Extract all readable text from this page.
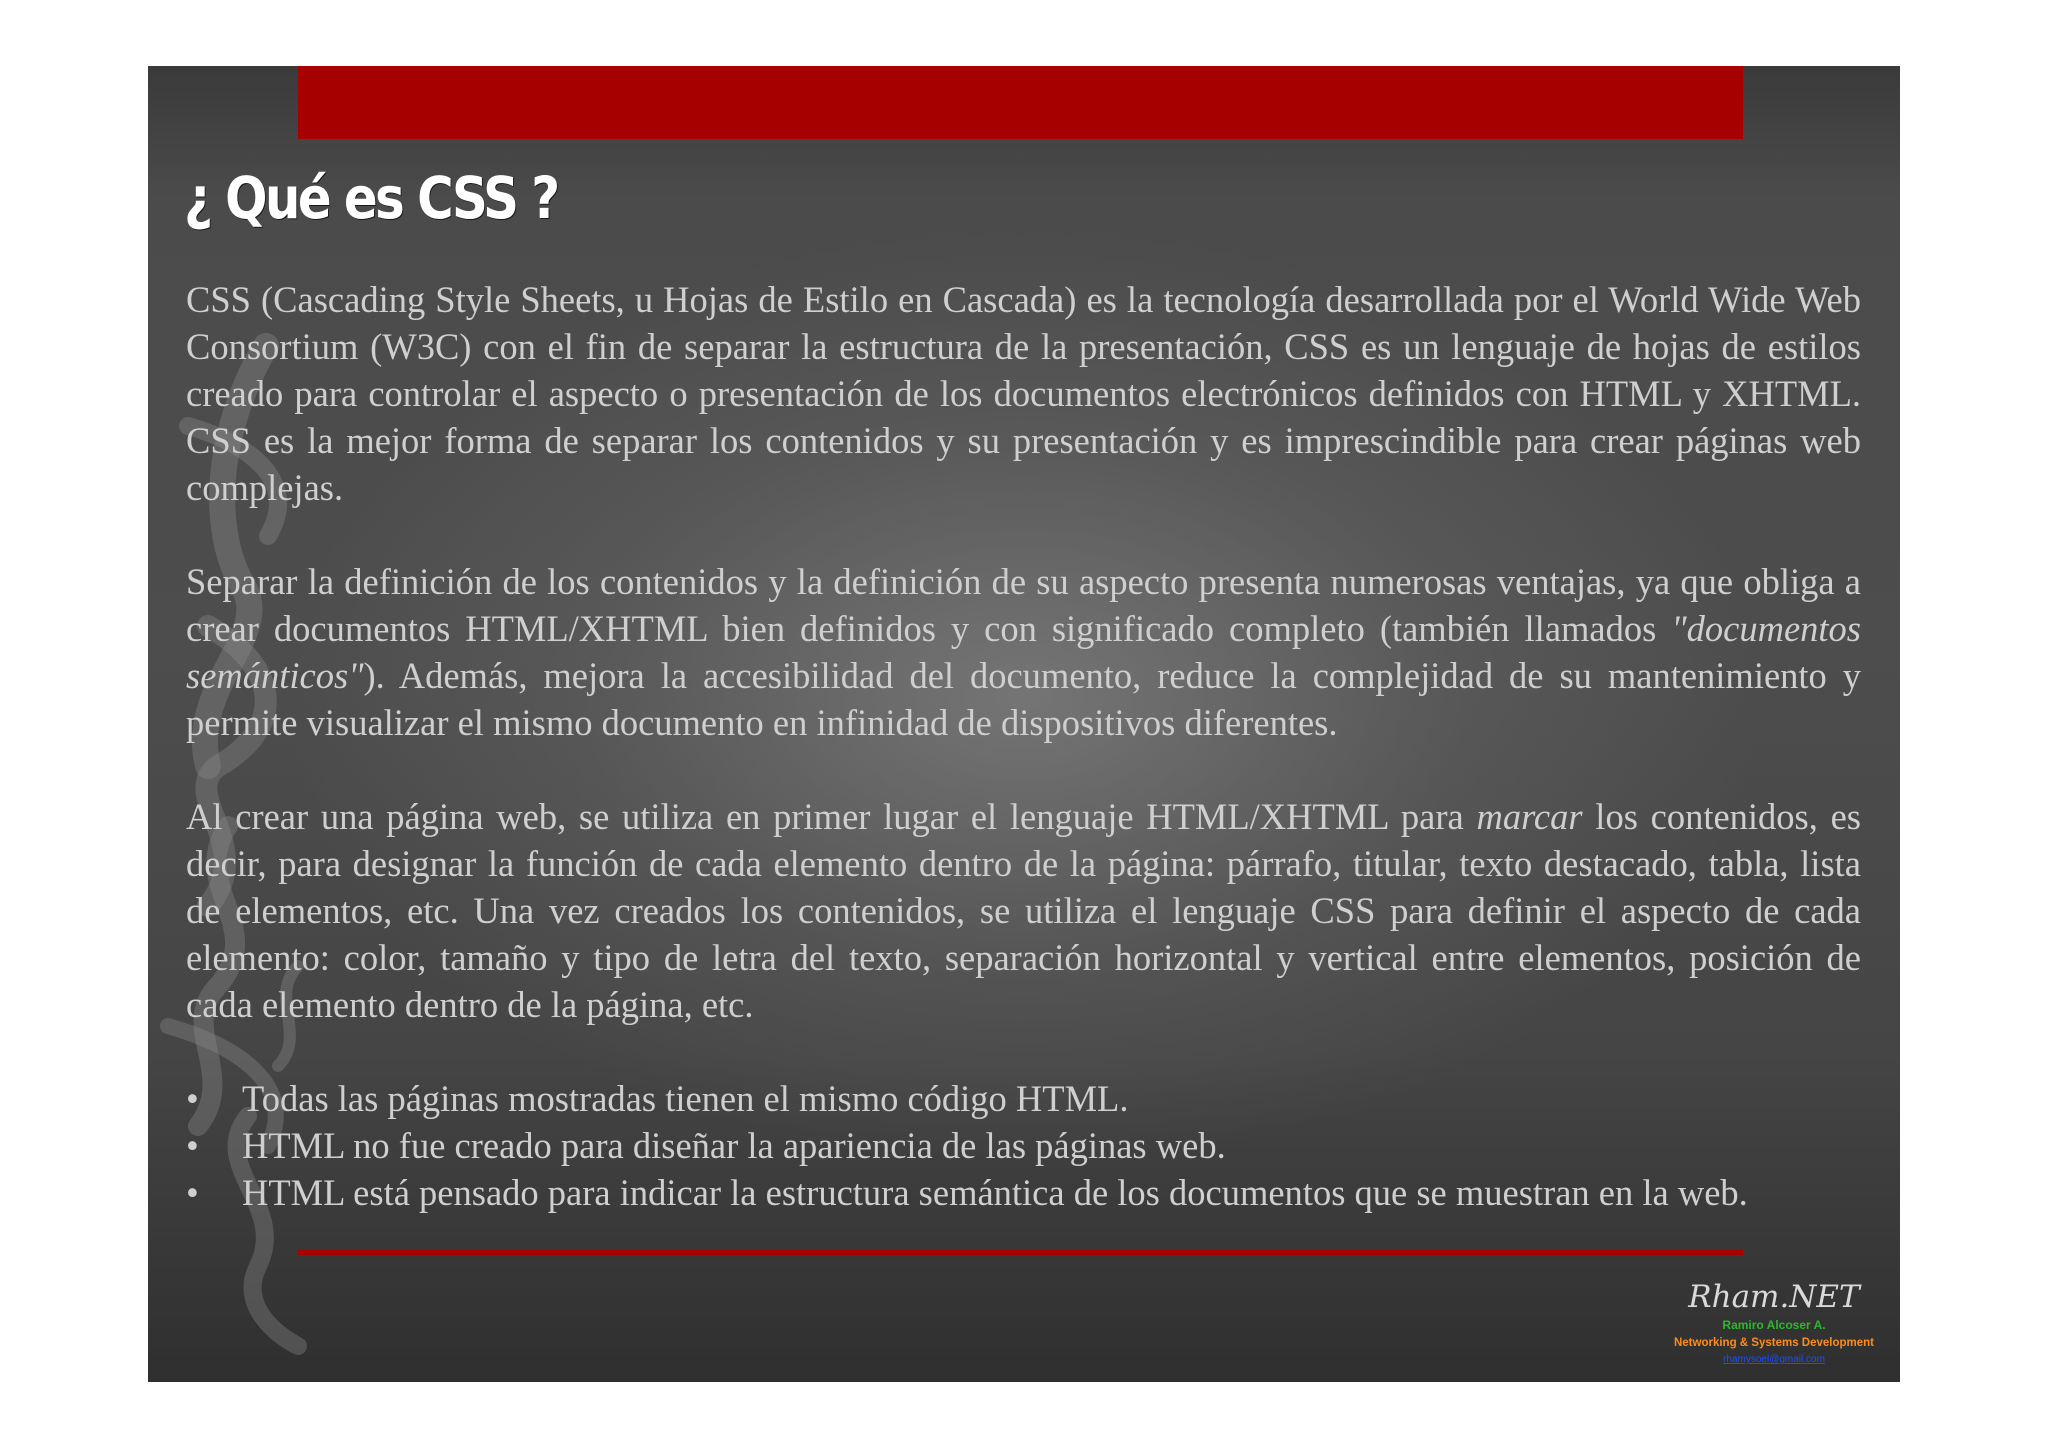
¿ Qué es CSS ?

CSS (Cascading Style Sheets, u Hojas de Estilo en Cascada) es la tecnología desarrollada por el World Wide Web Consortium (W3C) con el fin de separar la estructura de la presentación, CSS es un lenguaje de hojas de estilos creado para controlar el aspecto o presentación de los documentos electrónicos definidos con HTML y XHTML. CSS es la mejor forma de separar los contenidos y su presentación y es imprescindible para crear páginas web complejas.

Separar la definición de los contenidos y la definición de su aspecto presenta numerosas ventajas, ya que obliga a crear documentos HTML/XHTML bien definidos y con significado completo (también llamados "documentos semánticos"). Además, mejora la accesibilidad del documento, reduce la complejidad de su mantenimiento y permite visualizar el mismo documento en infinidad de dispositivos diferentes.

Al crear una página web, se utiliza en primer lugar el lenguaje HTML/XHTML para marcar los contenidos, es decir, para designar la función de cada elemento dentro de la página: párrafo, titular, texto destacado, tabla, lista de elementos, etc. Una vez creados los contenidos, se utiliza el lenguaje CSS para definir el aspecto de cada elemento: color, tamaño y tipo de letra del texto, separación horizontal y vertical entre elementos, posición de cada elemento dentro de la página, etc.

• Todas las páginas mostradas tienen el mismo código HTML.
• HTML no fue creado para diseñar la apariencia de las páginas web.
• HTML está pensado para indicar la estructura semántica de los documentos que se muestran en la web.
Rham.NET
Ramiro Alcoser A.
Networking & Systems Development
rhamysoel@gmail.com
